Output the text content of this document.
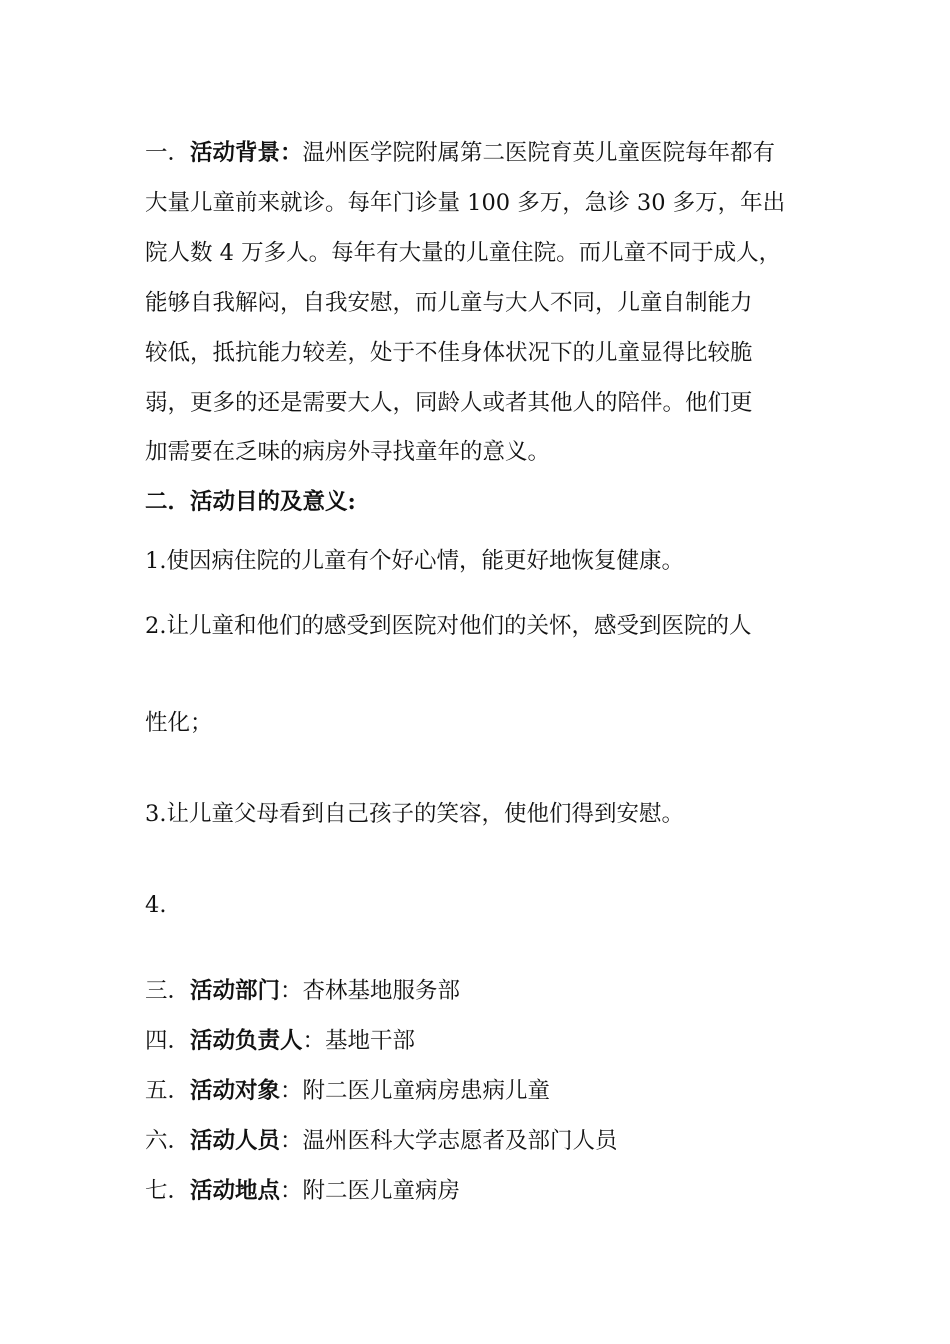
一．活动背景：温州医学院附属第二医院育英儿童医院每年都有
大量儿童前来就诊。每年门诊量 100 多万，急诊 30 多万，年出
院人数 4 万多人。每年有大量的儿童住院。而儿童不同于成人，
能够自我解闷，自我安慰，而儿童与大人不同，儿童自制能力
较低，抵抗能力较差，处于不佳身体状况下的儿童显得比较脆
弱，更多的还是需要大人，同龄人或者其他人的陪伴。他们更
加需要在乏味的病房外寻找童年的意义。
二．活动目的及意义:
1.使因病住院的儿童有个好心情，能更好地恢复健康。
2.让儿童和他们的感受到医院对他们的关怀，感受到医院的人
性化；
3.让儿童父母看到自己孩子的笑容，使他们得到安慰。
4.
三．活动部门：杏林基地服务部
四．活动负责人：基地干部
五．活动对象：附二医儿童病房患病儿童
六．活动人员：温州医科大学志愿者及部门人员
七．活动地点：附二医儿童病房
